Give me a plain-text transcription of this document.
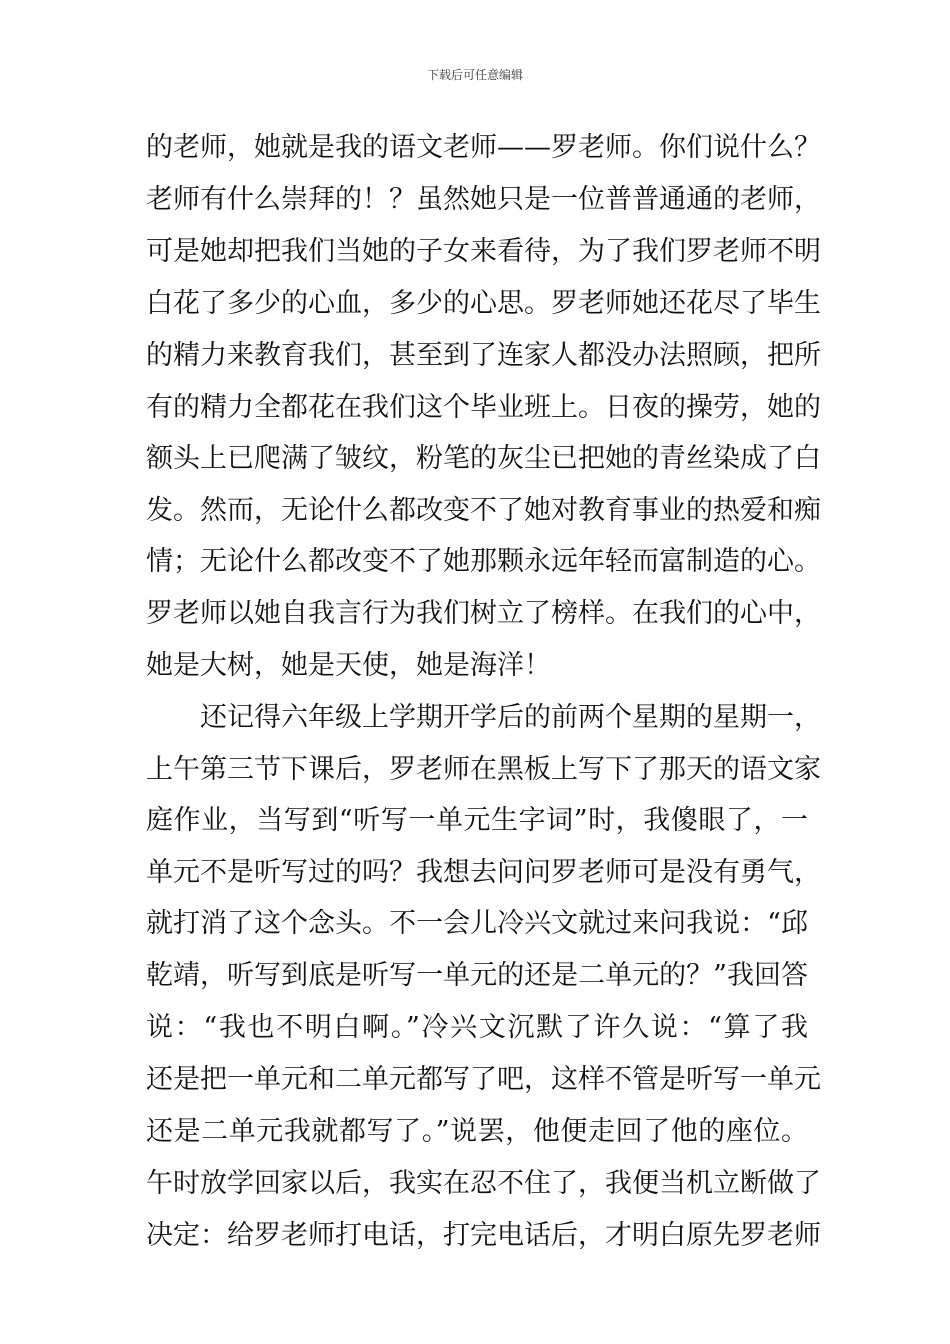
下载后可任意编辑
的老师，她就是我的语文老师——罗老师。你们说什么？
老师有什么崇拜的！？虽然她只是一位普普通通的老师，
可是她却把我们当她的子女来看待，为了我们罗老师不明
白花了多少的心血，多少的心思。罗老师她还花尽了毕生
的精力来教育我们，甚至到了连家人都没办法照顾，把所
有的精力全都花在我们这个毕业班上。日夜的操劳，她的
额头上已爬满了皱纹，粉笔的灰尘已把她的青丝染成了白
发。然而，无论什么都改变不了她对教育事业的热爱和痴
情；无论什么都改变不了她那颗永远年轻而富制造的心。
罗老师以她自我言行为我们树立了榜样。在我们的心中，
她是大树，她是天使，她是海洋！
还记得六年级上学期开学后的前两个星期的星期一，
上午第三节下课后，罗老师在黑板上写下了那天的语文家
庭作业，当写到“听写一单元生字词”时，我傻眼了，一
单元不是听写过的吗？我想去问问罗老师可是没有勇气，
就打消了这个念头。不一会儿冷兴文就过来问我说：“邱
乾靖，听写到底是听写一单元的还是二单元的？”我回答
说：“我也不明白啊。”冷兴文沉默了许久说：“算了我
还是把一单元和二单元都写了吧，这样不管是听写一单元
还是二单元我就都写了。”说罢，他便走回了他的座位。
午时放学回家以后，我实在忍不住了，我便当机立断做了
决定：给罗老师打电话，打完电话后，才明白原先罗老师
